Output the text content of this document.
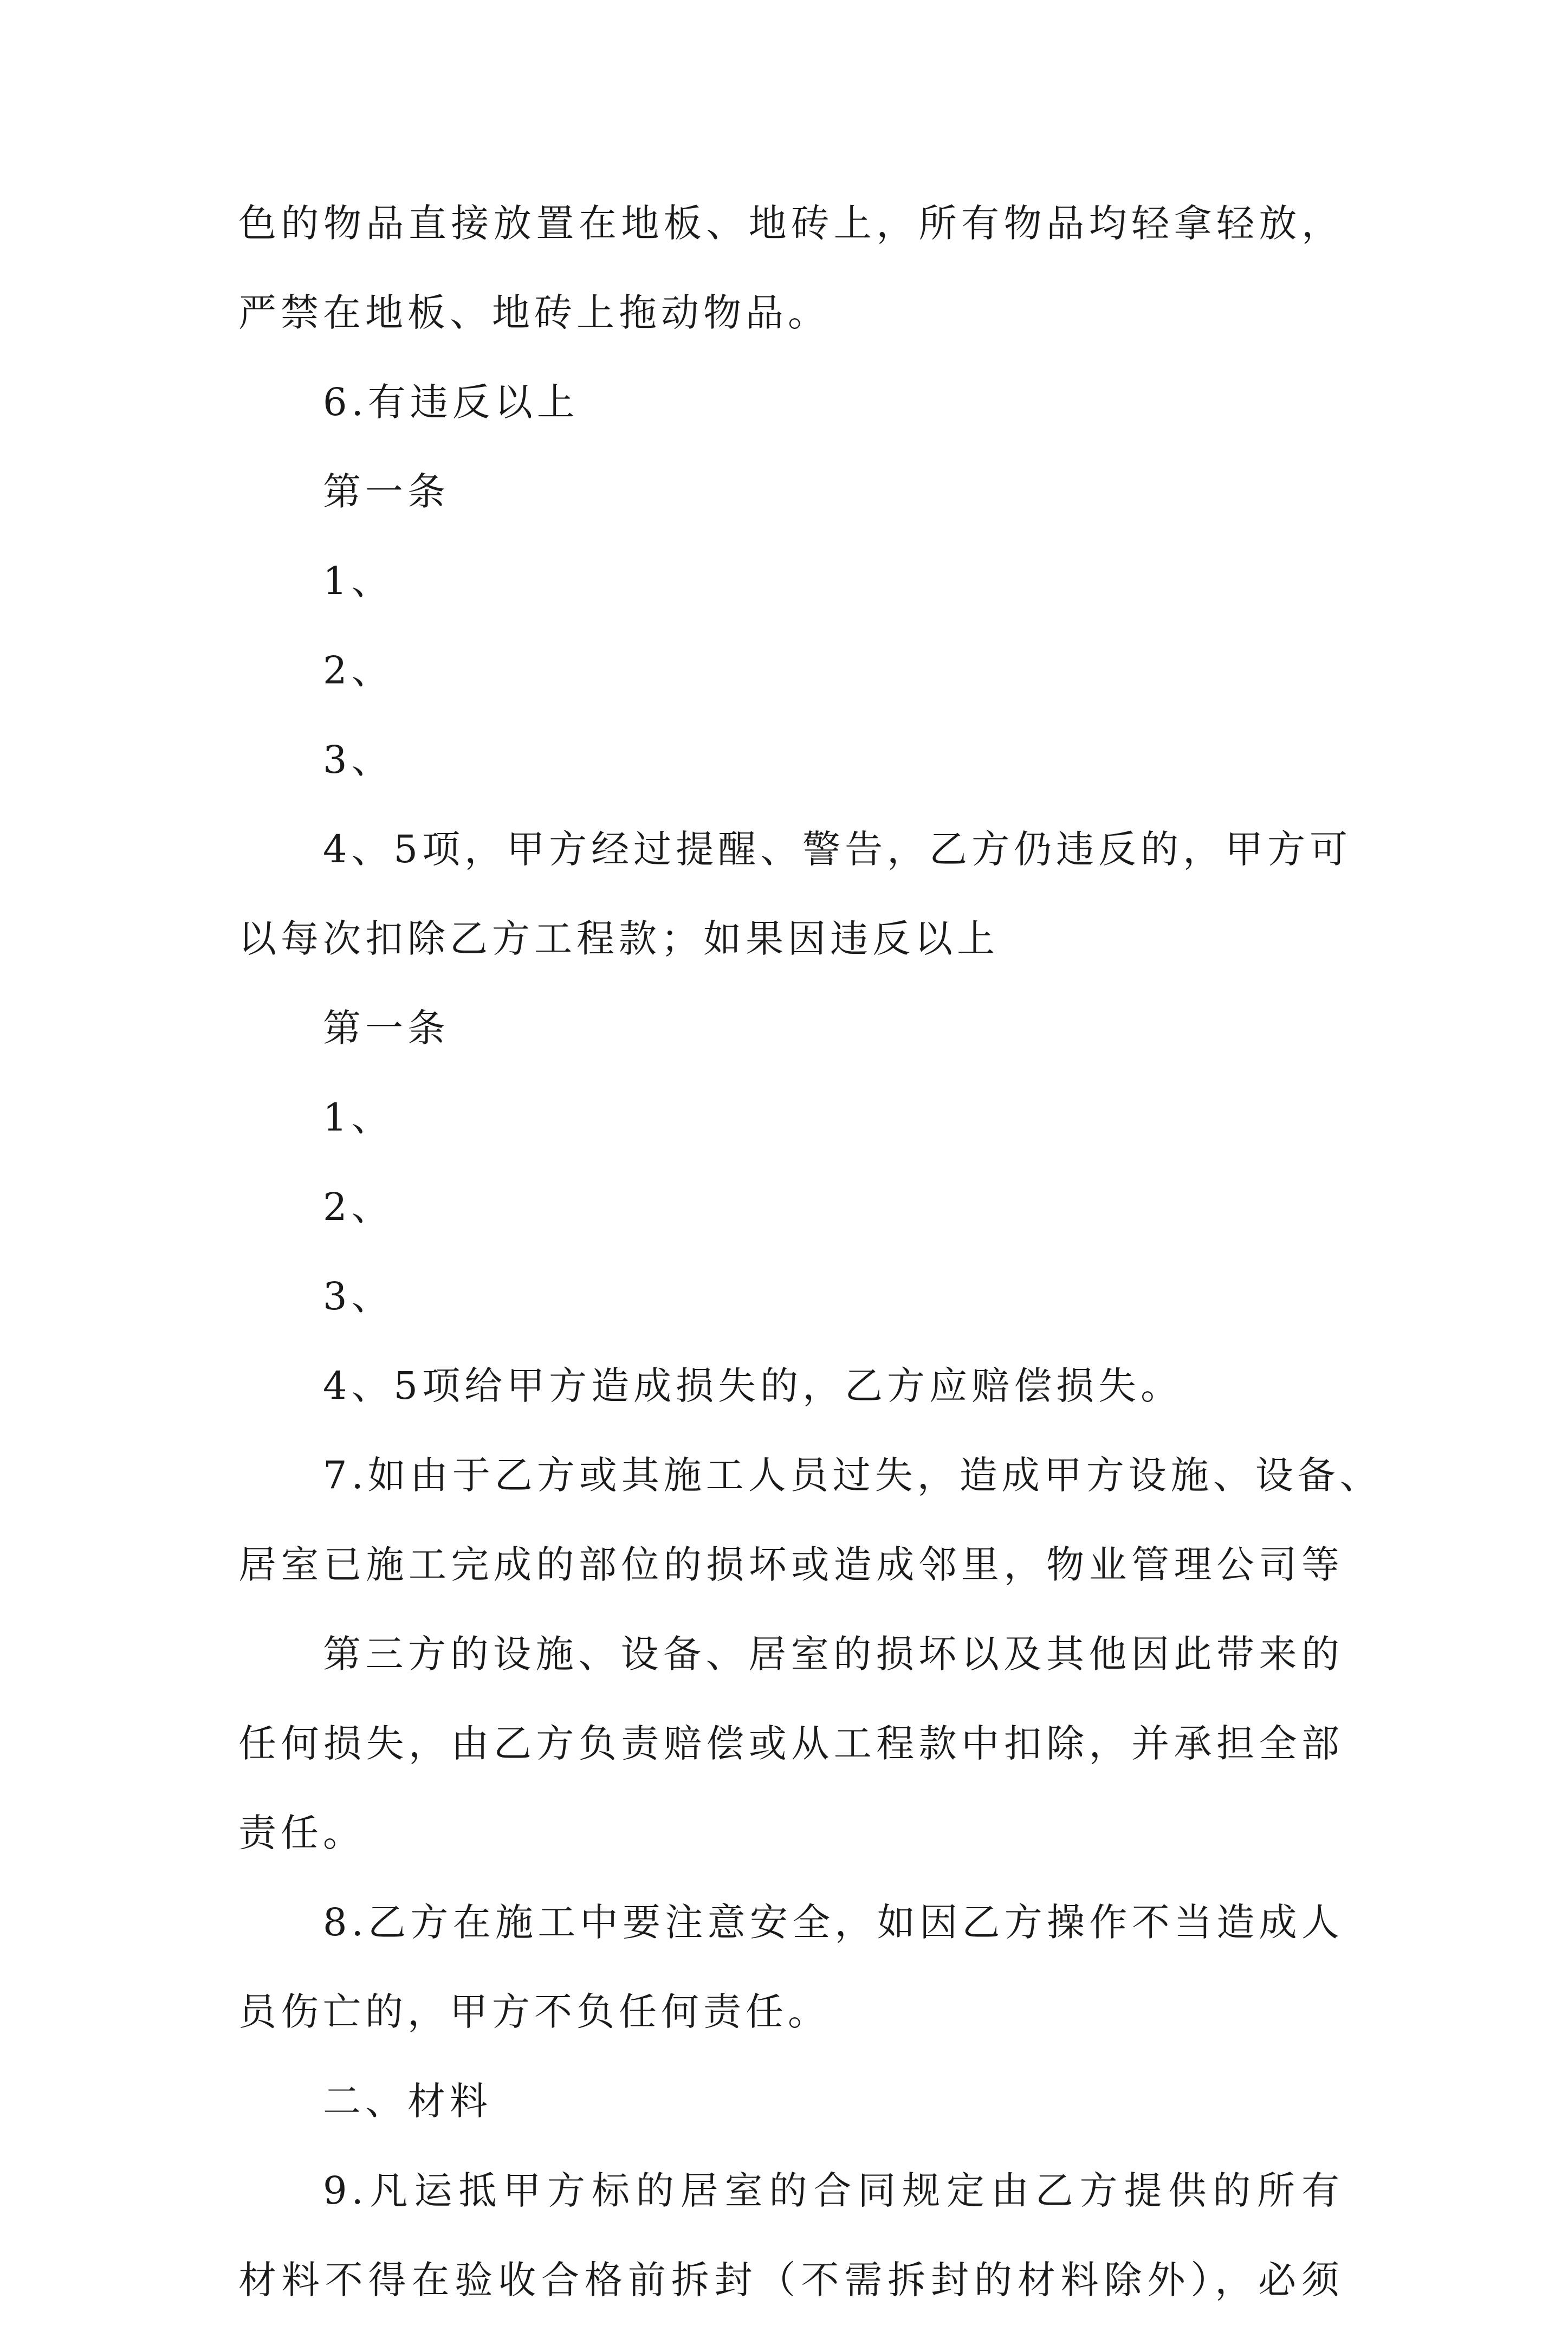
色的物品直接放置在地板、地砖上，所有物品均轻拿轻放，
严禁在地板、地砖上拖动物品。
6.有违反以上
第一条
1、
2、
3、
4、5项，甲方经过提醒、警告，乙方仍违反的，甲方可
以每次扣除乙方工程款；如果因违反以上
第一条
1、
2、
3、
4、5项给甲方造成损失的，乙方应赔偿损失。
7.如由于乙方或其施工人员过失，造成甲方设施、设备、
居室已施工完成的部位的损坏或造成邻里，物业管理公司等
第三方的设施、设备、居室的损坏以及其他因此带来的
任何损失，由乙方负责赔偿或从工程款中扣除，并承担全部
责任。
8.乙方在施工中要注意安全，如因乙方操作不当造成人
员伤亡的，甲方不负任何责任。
二、材料
9.凡运抵甲方标的居室的合同规定由乙方提供的所有
材料不得在验收合格前拆封（不需拆封的材料除外），必须
